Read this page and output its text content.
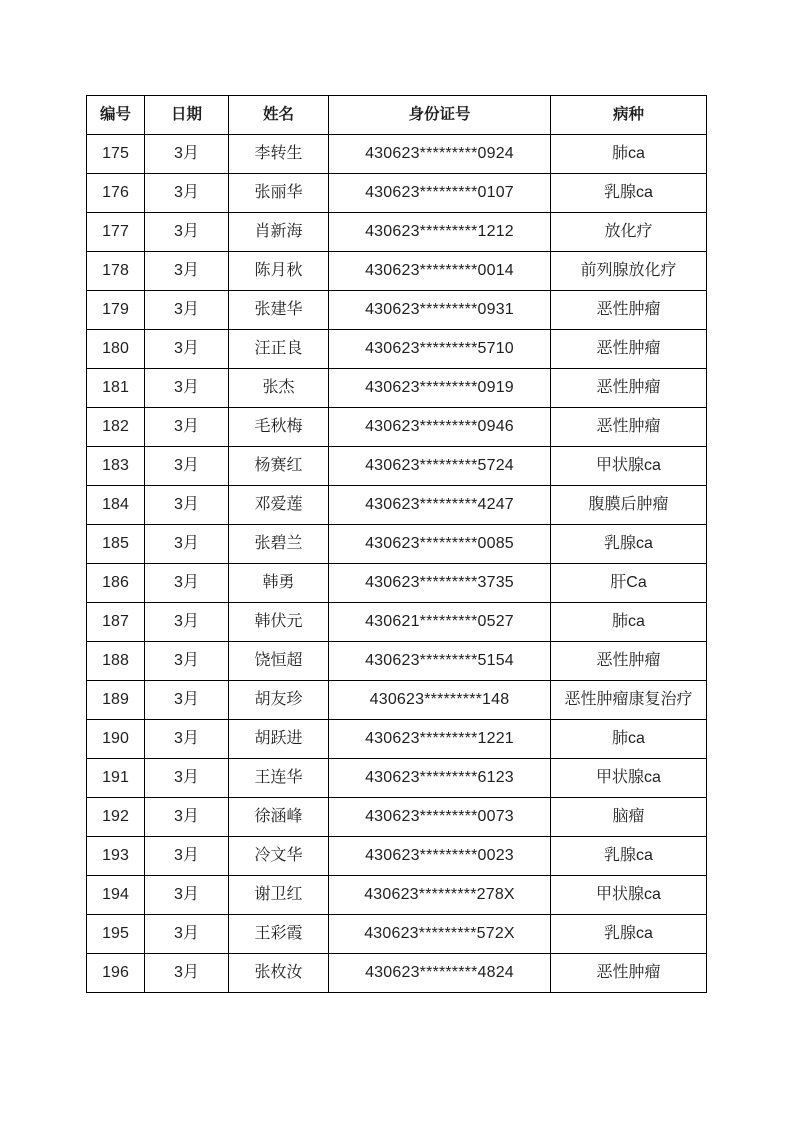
编号	日期	姓名	身份证号	病种
175	3月	李转生	430623*********0924	肺ca
176	3月	张丽华	430623*********0107	乳腺ca
177	3月	肖新海	430623*********1212	放化疗
178	3月	陈月秋	430623*********0014	前列腺放化疗
179	3月	张建华	430623*********0931	恶性肿瘤
180	3月	汪正良	430623*********5710	恶性肿瘤
181	3月	张杰	430623*********0919	恶性肿瘤
182	3月	毛秋梅	430623*********0946	恶性肿瘤
183	3月	杨赛红	430623*********5724	甲状腺ca
184	3月	邓爱莲	430623*********4247	腹膜后肿瘤
185	3月	张碧兰	430623*********0085	乳腺ca
186	3月	韩勇	430623*********3735	肝Ca
187	3月	韩伏元	430621*********0527	肺ca
188	3月	饶恒超	430623*********5154	恶性肿瘤
189	3月	胡友珍	430623*********148	恶性肿瘤康复治疗
190	3月	胡跃进	430623*********1221	肺ca
191	3月	王连华	430623*********6123	甲状腺ca
192	3月	徐涵峰	430623*********0073	脑瘤
193	3月	冷文华	430623*********0023	乳腺ca
194	3月	谢卫红	430623*********278X	甲状腺ca
195	3月	王彩霞	430623*********572X	乳腺ca
196	3月	张枚汝	430623*********4824	恶性肿瘤
